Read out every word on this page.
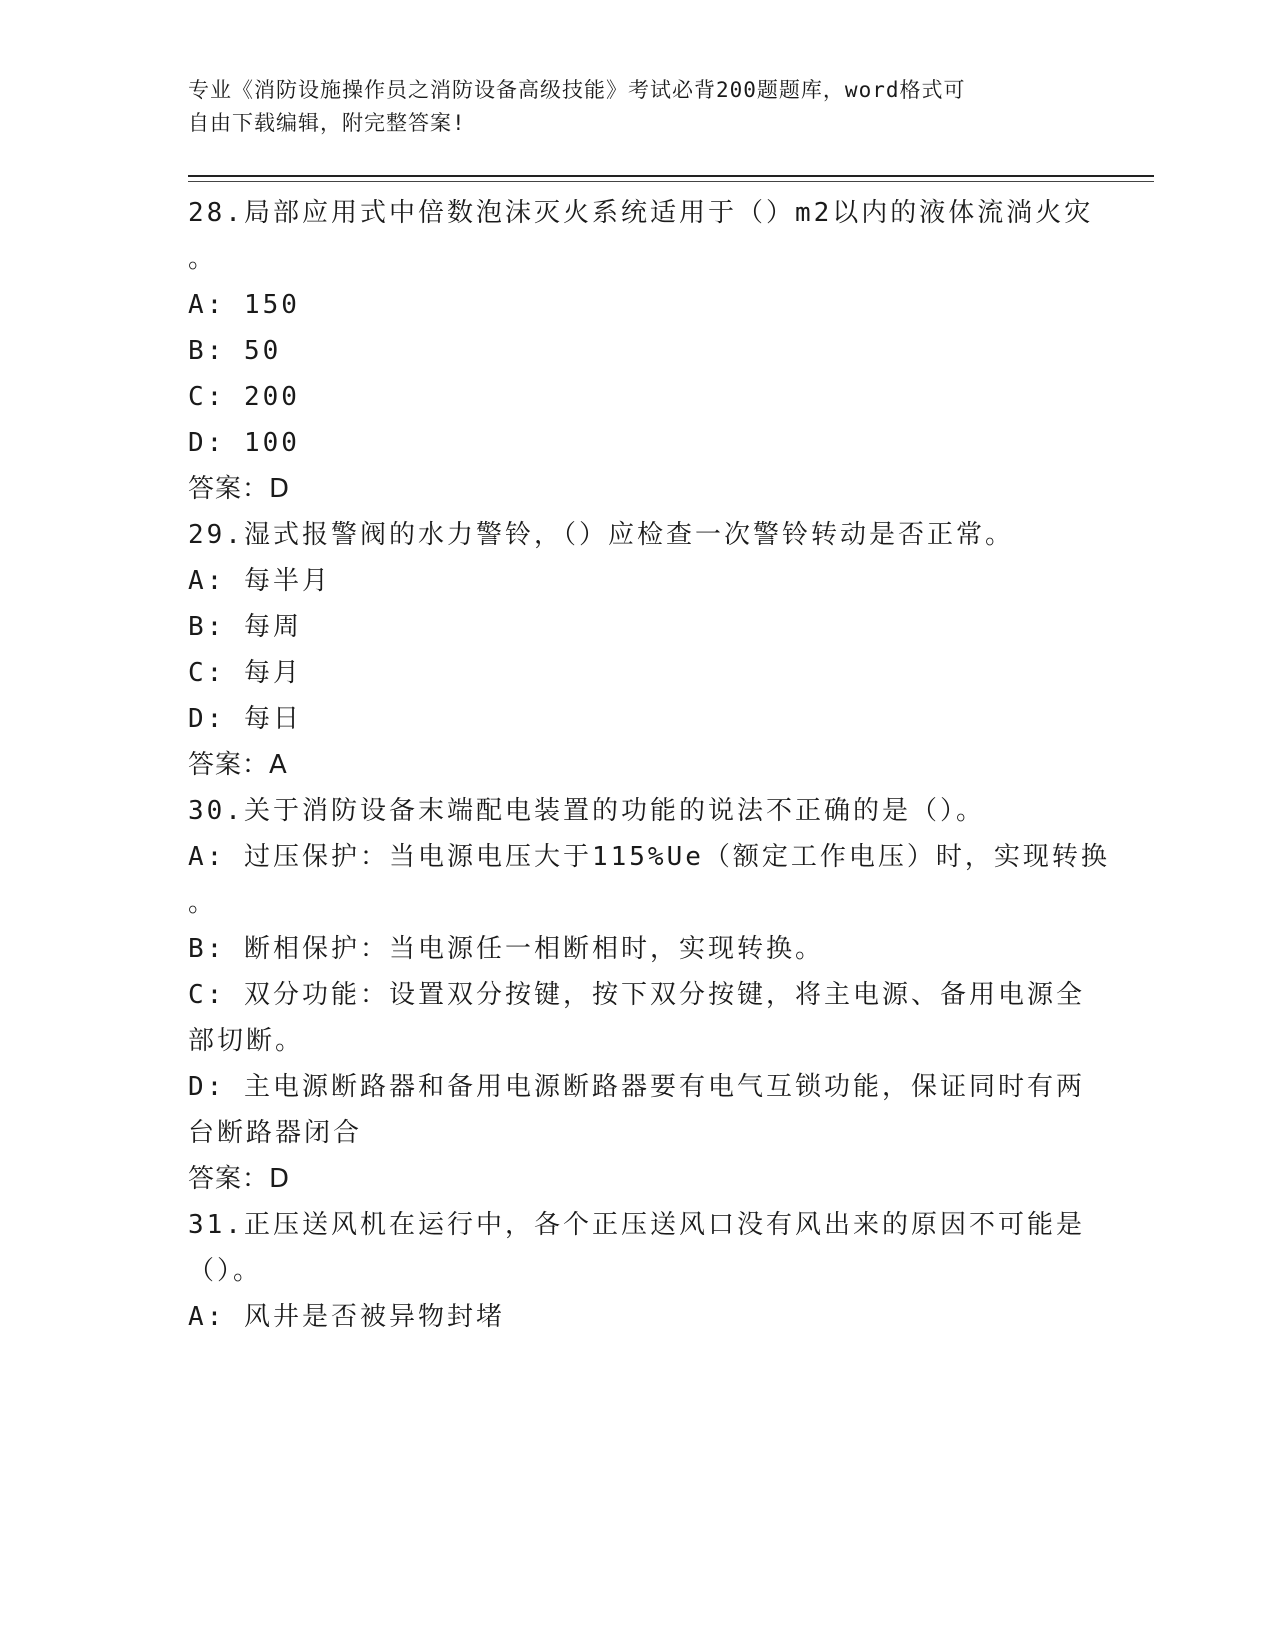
专业《消防设施操作员之消防设备高级技能》考试必背200题题库，word格式可
自由下载编辑，附完整答案!
28.局部应用式中倍数泡沫灭火系统适用于（）m2以内的液体流淌火灾
。
A: 150
B: 50
C: 200
D: 100
答案：D
29.湿式报警阀的水力警铃，（）应检查一次警铃转动是否正常。
A: 每半月
B: 每周
C: 每月
D: 每日
答案：A
30.关于消防设备末端配电装置的功能的说法不正确的是（）。
A: 过压保护：当电源电压大于115%Ue（额定工作电压）时，实现转换
。
B: 断相保护：当电源任一相断相时，实现转换。
C: 双分功能：设置双分按键，按下双分按键，将主电源、备用电源全
部切断。
D: 主电源断路器和备用电源断路器要有电气互锁功能，保证同时有两
台断路器闭合
答案：D
31.正压送风机在运行中，各个正压送风口没有风出来的原因不可能是
（）。
A: 风井是否被异物封堵
